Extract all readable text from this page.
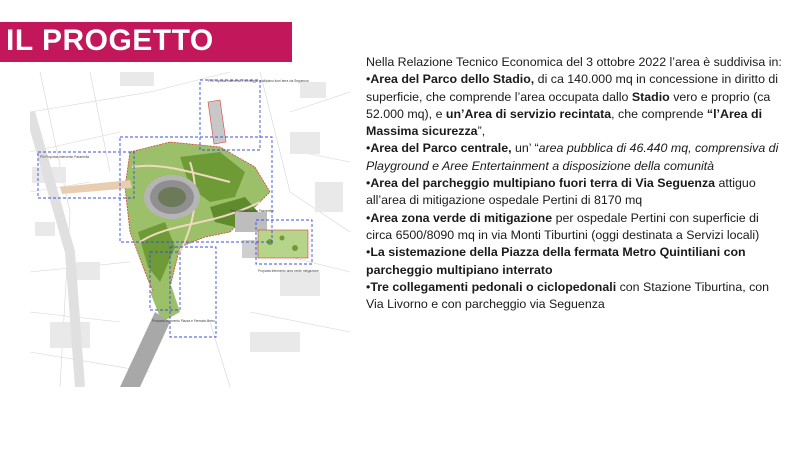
IL PROGETTO
P0i Proposta Intervento Parcheggio multipiano fuori terra via Seguenza
P0i Proposta Intervento Passerella
Proposta Intervento Piazza e Fermata Metro
Proposta Intervento Passerella
Proposta Intervento area verde mitigazione

Nella Relazione Tecnico Economica del 3 ottobre 2022 l’area è suddivisa in:

•Area del Parco dello Stadio, di ca 140.000 mq in concessione in diritto di superficie, che comprende l’area occupata dallo Stadio vero e proprio (ca 52.000 mq), e un’Area di servizio recintata, che comprende “l’Area di Massima sicurezza”,

•Area del Parco centrale, un’ “area pubblica di 46.440 mq, comprensiva di Playground e Aree Entertainment a disposizione della comunità

•Area del parcheggio multipiano fuori terra di Via Seguenza attiguo all’area di mitigazione ospedale Pertini di 8170 mq

•Area zona verde di mitigazione per ospedale Pertini con superficie di circa 6500/8090 mq in via Monti Tiburtini (oggi destinata a Servizi locali)

•La sistemazione della Piazza della fermata Metro Quintiliani con parcheggio multipiano interrato

•Tre collegamenti pedonali o ciclopedonali con Stazione Tiburtina, con Via Livorno e con parcheggio via Seguenza
